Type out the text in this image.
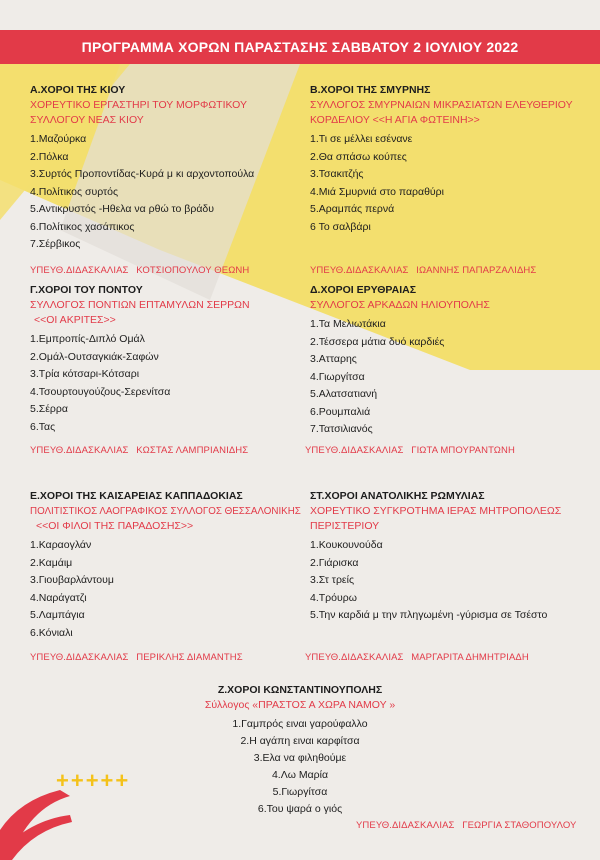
ΠΡΟΓΡΑΜΜΑ ΧΟΡΩΝ ΠΑΡΑΣΤΑΣΗΣ ΣΑΒΒΑΤΟΥ 2 ΙΟΥΛΙΟΥ 2022
Α.ΧΟΡΟΙ ΤΗΣ ΚΙΟΥ
ΧΟΡΕΥΤΙΚΟ ΕΡΓΑΣΤΗΡΙ ΤΟΥ ΜΟΡΦΩΤΙΚΟΥ
ΣΥΛΛΟΓΟΥ ΝΕΑΣ ΚΙΟΥ
1.Μαζούρκα
2.Πόλκα
3.Συρτός Προποντίδας-Κυρά μ κι αρχοντοπούλα
4.Πολίτικος συρτός
5.Αντικρυστός -Ηθελα να ρθώ το βράδυ
6.Πολίτικος χασάπικος
7.Σέρβικος
ΥΠΕΥΘ.ΔΙΔΑΣΚΑΛΙΑΣ ΚΟΤΣΙΟΠΟΥΛΟΥ ΘΕΩΝΗ
Β.ΧΟΡΟΙ ΤΗΣ ΣΜΥΡΝΗΣ
ΣΥΛΛΟΓΟΣ ΣΜΥΡΝΑΙΩΝ ΜΙΚΡΑΣΙΑΤΩΝ ΕΛΕΥΘΕΡΙΟΥ
ΚΟΡΔΕΛΙΟΥ <<Η ΑΓΙΑ ΦΩΤΕΙΝΗ>>
1.Τι σε μέλλει εσένανε
2.Θα σπάσω κούπες
3.Τσακιτζής
4.Μιά Σμυρνιά στο παραθύρι
5.Αραμπάς περνά
6 Το σαλβάρι
ΥΠΕΥΘ.ΔΙΔΑΣΚΑΛΙΑΣ ΙΩΑΝΝΗΣ ΠΑΠΑΡΖΑΛΙΔΗΣ
Γ.ΧΟΡΟΙ ΤΟΥ ΠΟΝΤΟΥ
ΣΥΛΛΟΓΟΣ ΠΟΝΤΙΩΝ ΕΠΤΑΜΥΛΩΝ ΣΕΡΡΩΝ
<<ΟΙ ΑΚΡΙΤΕΣ>>
1.Εμπροπίς-Διπλό Ομάλ
2.Ομάλ-Ουτσαγκιάκ-Σαφών
3.Τρία κότσαρι-Κότσαρι
4.Τσουρτουγούζους-Σερενίτσα
5.Σέρρα
6.Τας
ΥΠΕΥΘ.ΔΙΔΑΣΚΑΛΙΑΣ ΚΩΣΤΑΣ ΛΑΜΠΡΙΑΝΙΔΗΣ
Δ.ΧΟΡΟΙ ΕΡΥΘΡΑΙΑΣ
ΣΥΛΛΟΓΟΣ ΑΡΚΑΔΩΝ ΗΛΙΟΥΠΟΛΗΣ
1.Τα Μελιωτάκια
2.Τέσσερα μάτια δυό καρδιές
3.Ατταρης
4.Γιωργίτσα
5.Αλατσατιανή
6.Ρουμπαλιά
7.Τατσιλιανός
ΥΠΕΥΘ.ΔΙΔΑΣΚΑΛΙΑΣ ΓΙΩΤΑ ΜΠΟΥΡΑΝΤΩΝΗ
Ε.ΧΟΡΟΙ ΤΗΣ ΚΑΙΣΑΡΕΙΑΣ ΚΑΠΠΑΔΟΚΙΑΣ
ΠΟΛΙΤΙΣΤΙΚΟΣ ΛΑΟΓΡΑΦΙΚΟΣ ΣΥΛΛΟΓΟΣ ΘΕΣΣΑΛΟΝΙΚΗΣ
<<ΟΙ ΦΙΛΟΙ ΤΗΣ ΠΑΡΑΔΟΣΗΣ>>
1.Καραογλάν
2.Καμάιμ
3.Γιουβαρλάντουμ
4.Ναράγατζι
5.Λαμπάγια
6.Κόνιαλι
ΥΠΕΥΘ.ΔΙΔΑΣΚΑΛΙΑΣ ΠΕΡΙΚΛΗΣ ΔΙΑΜΑΝΤΗΣ
ΣΤ.ΧΟΡΟΙ ΑΝΑΤΟΛΙΚΗΣ ΡΩΜΥΛΙΑΣ
ΧΟΡΕΥΤΙΚΟ ΣΥΓΚΡΟΤΗΜΑ ΙΕΡΑΣ ΜΗΤΡΟΠΟΛΕΩΣ
ΠΕΡΙΣΤΕΡΙΟΥ
1.Κουκουνούδα
2.Γιάρισκα
3.Στ τρείς
4.Τρόυρω
5.Την καρδιά μ την πληγωμένη -γύρισμα σε Τσέστο
ΥΠΕΥΘ.ΔΙΔΑΣΚΑΛΙΑΣ ΜΑΡΓΑΡΙΤΑ ΔΗΜΗΤΡΙΑΔΗ
Ζ.ΧΟΡΟΙ ΚΩΝΣΤΑΝΤΙΝΟΥΠΟΛΗΣ
Σύλλογος «ΠΡΑΣΤΟΣ Α ΧΩΡΑ ΝΑΜΟΥ »
1.Γαμπρός ειναι γαρούφαλλο
2.Η αγάπη ειναι καρφίτσα
3.Ελα να φιληθούμε
4.Λω Μαρία
5.Γιωργίτσα
6.Του ψαρά ο γιός
ΥΠΕΥΘ.ΔΙΔΑΣΚΑΛΙΑΣ ΓΕΩΡΓΙΑ ΣΤΑΘΟΠΟΥΛΟΥ
+++++
